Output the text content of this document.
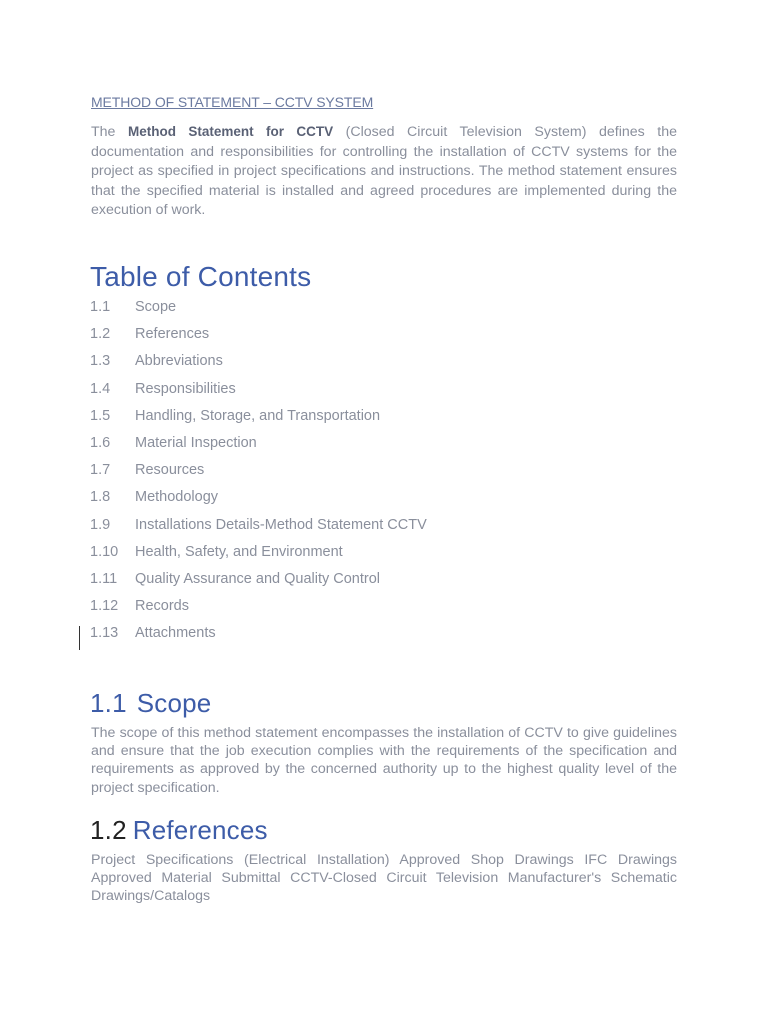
METHOD OF STATEMENT – CCTV SYSTEM

The Method Statement for CCTV (Closed Circuit Television System) defines the documentation and responsibilities for controlling the installation of CCTV systems for the project as specified in project specifications and instructions. The method statement ensures that the specified material is installed and agreed procedures are implemented during the execution of work.

Table of Contents
1.1 Scope
1.2 References
1.3 Abbreviations
1.4 Responsibilities
1.5 Handling, Storage, and Transportation
1.6 Material Inspection
1.7 Resources
1.8 Methodology
1.9 Installations Details-Method Statement CCTV
1.10 Health, Safety, and Environment
1.11 Quality Assurance and Quality Control
1.12 Records
1.13 Attachments
1.1 Scope

The scope of this method statement encompasses the installation of CCTV to give guidelines and ensure that the job execution complies with the requirements of the specification and requirements as approved by the concerned authority up to the highest quality level of the project specification.

1.2 References

Project Specifications (Electrical Installation) Approved Shop Drawings IFC Drawings Approved Material Submittal CCTV-Closed Circuit Television Manufacturer's Schematic Drawings/Catalogs
